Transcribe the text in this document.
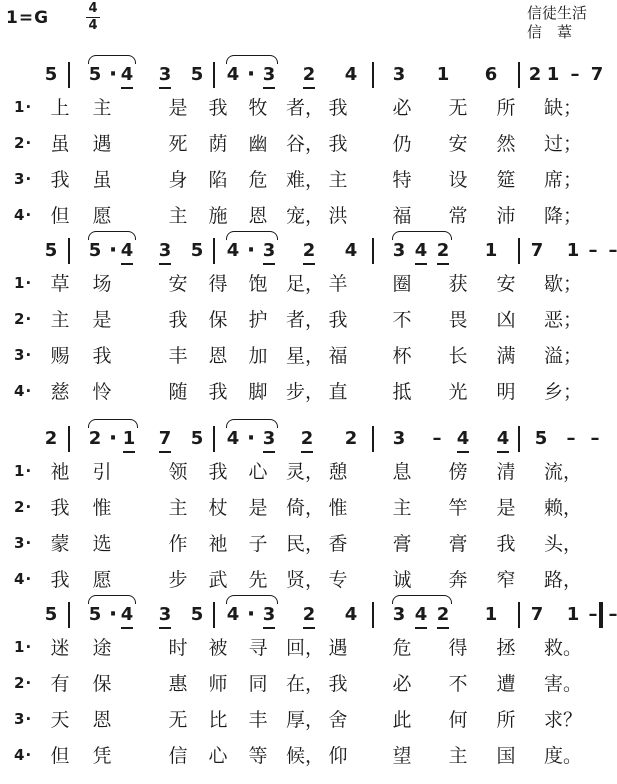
1=G	4
4
信徒生活
信　葦
5 5 · 4 3 5 4 · 3 2 4 3 1 6 2 1 – 7
1 ·	上 主	是 我 牧 者， 我 必 无 所 缺；
2 ·	虽 遇	死 荫 幽 谷， 我 仍 安 然 过；
3 ·	我 虽	身 陷 危 难， 主 特 设 筵 席；
4 ·	但 愿	主 施 恩 宠， 洪 福 常 沛 降；
5 5 · 4 3 5 4 · 3 2 4 3 4 2 1 7 1 – –
1 ·	草 场	安 得 饱 足， 羊 圈 获 安 歇；
2 ·	主 是	我 保 护 者， 我 不 畏 凶 恶；
3 ·	赐 我	丰 恩 加 星， 福 杯 长 满 溢；
4 ·	慈 怜	随 我 脚 步， 直 抵 光 明 乡；
2 2 · 1 7 5 4 · 3 2 2 3 – 4 4 5 – –
1 ·	祂 引	领 我 心 灵， 憩 息 傍 清 流，
2 ·	我 惟	主 杖 是 倚， 惟 主 竿 是 赖，
3 ·	蒙 选	作 祂 子 民， 香 膏 膏 我 头，
4 ·	我 愿	步 武 先 贤， 专 诚 奔 窄 路，
5 5 · 4 3 5 4 · 3 2 4 3 4 2 1 7 1 – –
1 ·	迷 途	时 被 寻 回， 遇 危 得 拯 救。
2 ·	有 保	惠 师 同 在， 我 必 不 遭 害。
3 ·	天 恩	无 比 丰 厚， 舍 此 何 所 求？
4 ·	但 凭	信 心 等 候， 仰 望 主 国 度。
